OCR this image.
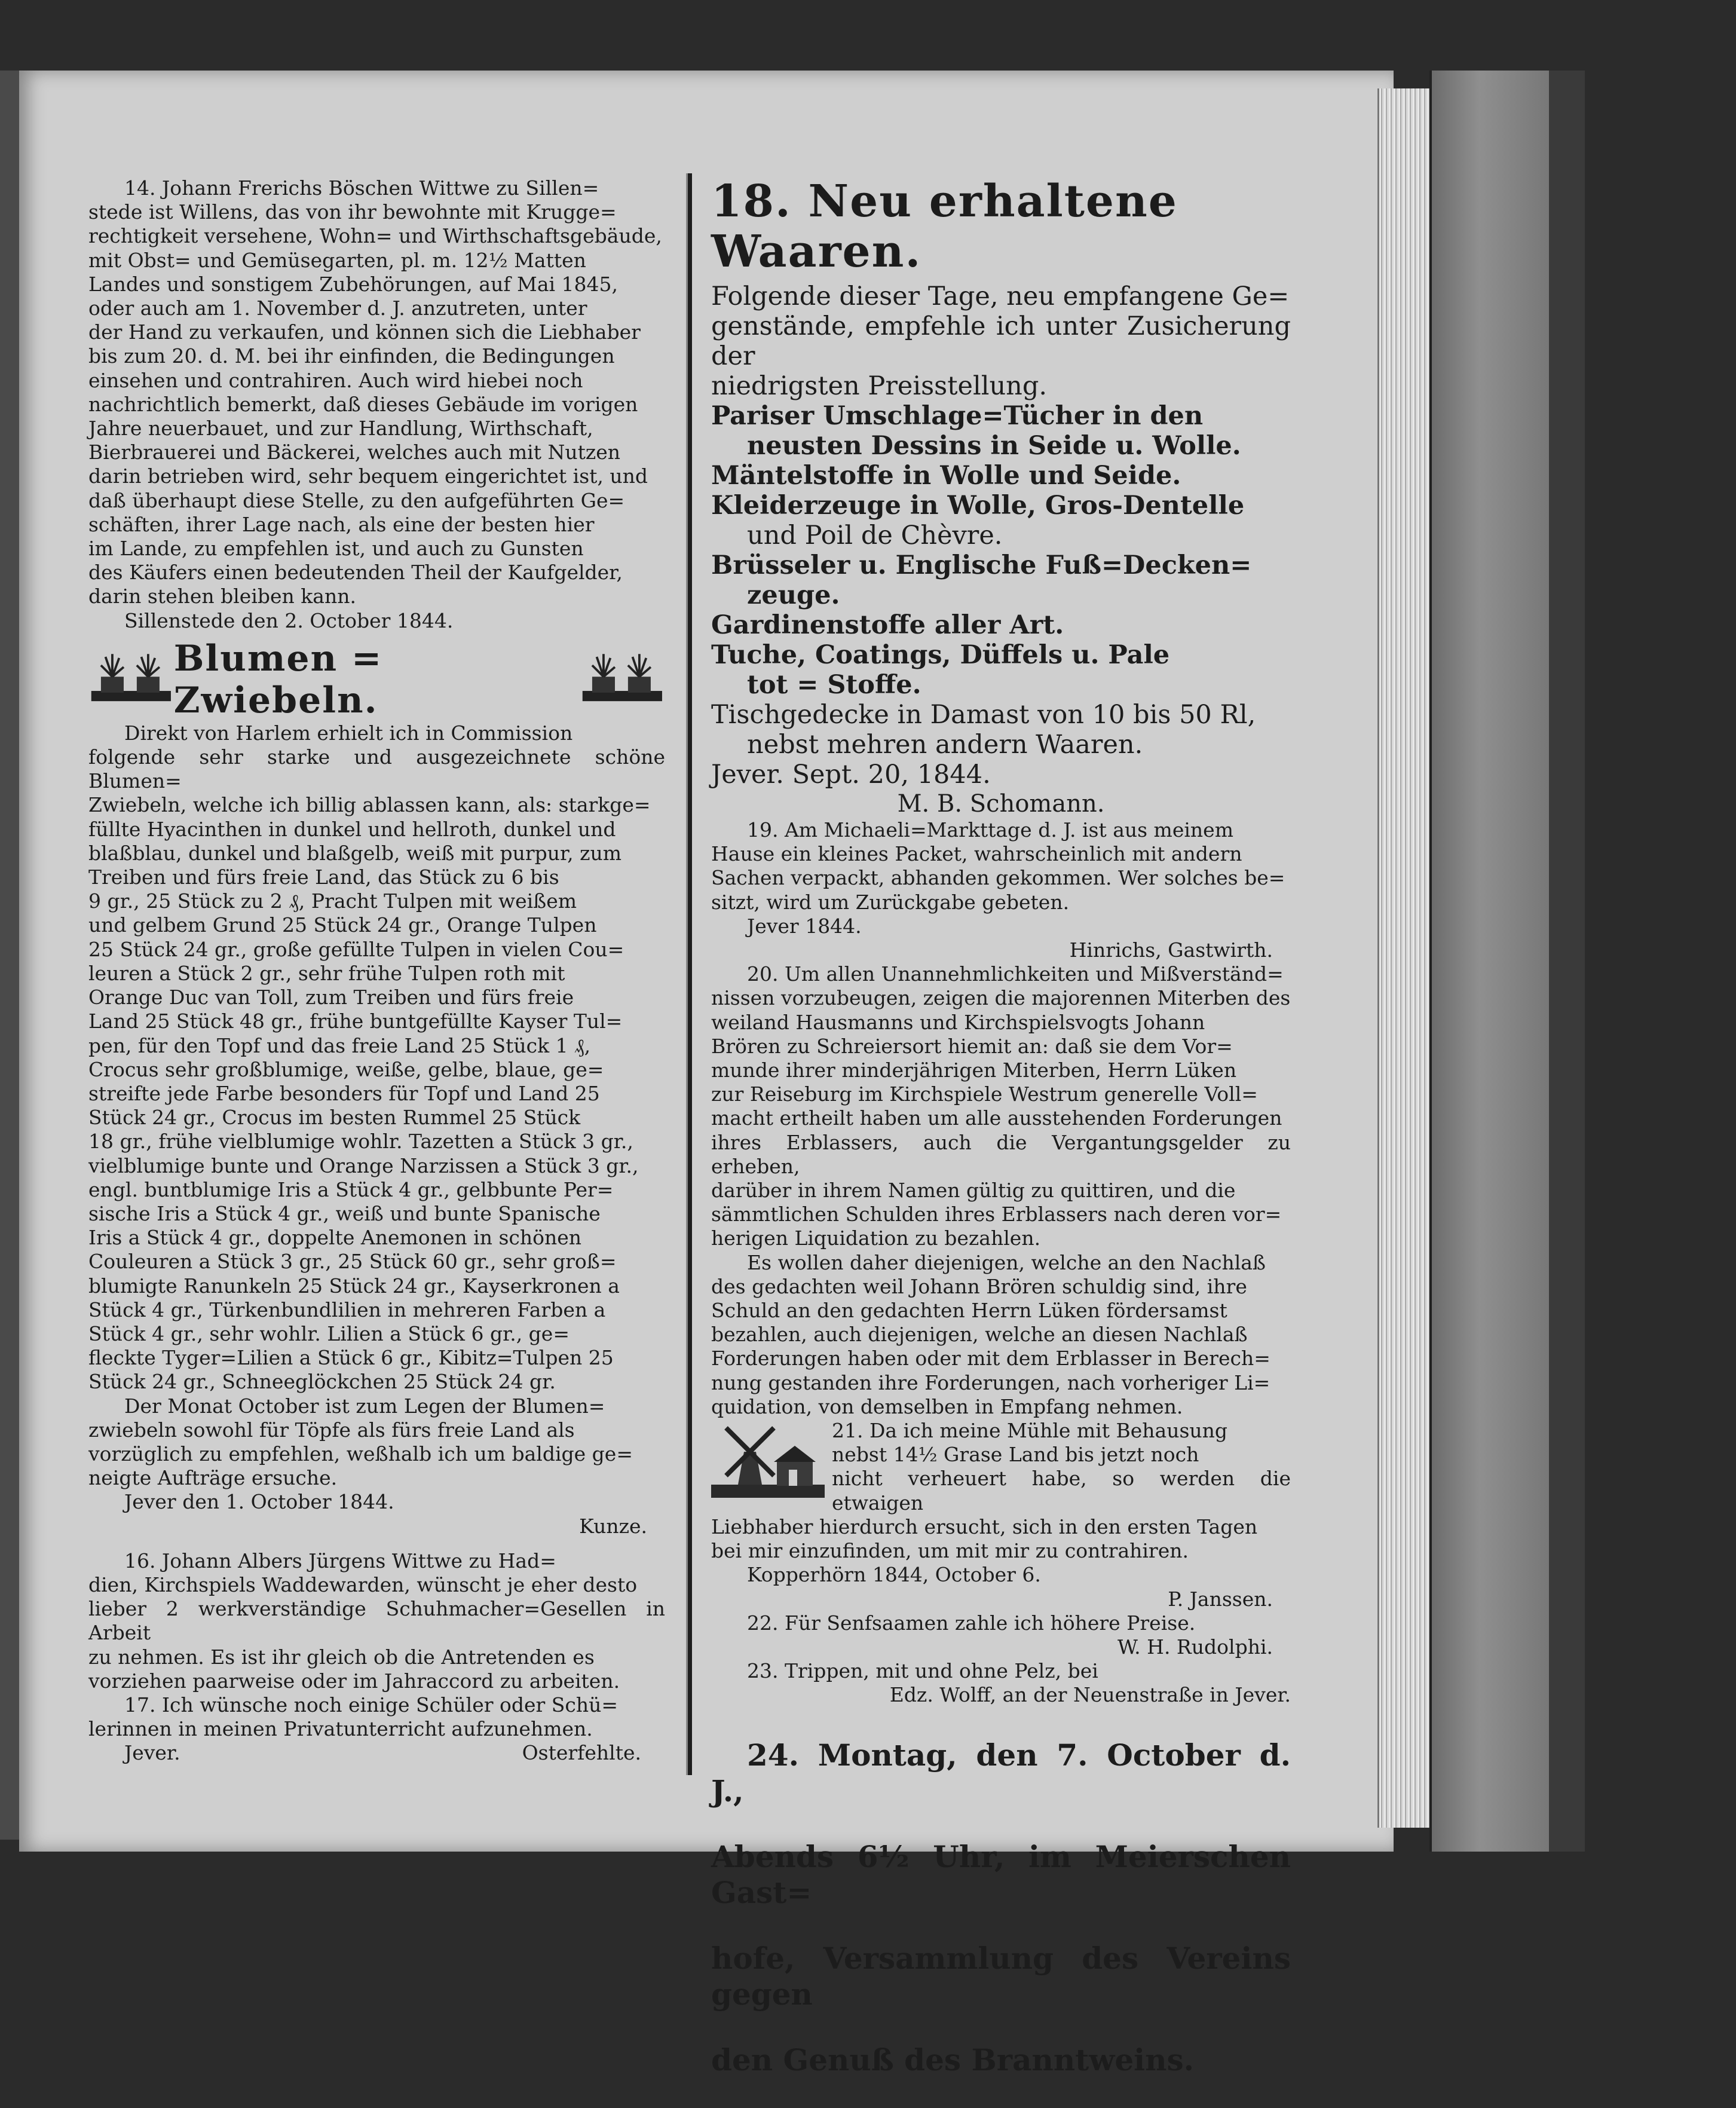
14. Johann Frerichs Böschen Wittwe zu Sillen=

stede ist Willens, das von ihr bewohnte mit Krugge=

rechtigkeit versehene, Wohn= und Wirthschaftsgebäude,

mit Obst= und Gemüsegarten, pl. m. 12½ Matten

Landes und sonstigem Zubehörungen, auf Mai 1845,

oder auch am 1. November d. J. anzutreten, unter

der Hand zu verkaufen, und können sich die Liebhaber

bis zum 20. d. M. bei ihr einfinden, die Bedingungen

einsehen und contrahiren. Auch wird hiebei noch

nachrichtlich bemerkt, daß dieses Gebäude im vorigen

Jahre neuerbauet, und zur Handlung, Wirthschaft,

Bierbrauerei und Bäckerei, welches auch mit Nutzen

darin betrieben wird, sehr bequem eingerichtet ist, und

daß überhaupt diese Stelle, zu den aufgeführten Ge=

schäften, ihrer Lage nach, als eine der besten hier

im Lande, zu empfehlen ist, und auch zu Gunsten

des Käufers einen bedeutenden Theil der Kaufgelder,

darin stehen bleiben kann.

Sillenstede den 2. October 1844.

Blumen = Zwiebeln.

Direkt von Harlem erhielt ich in Commission

folgende sehr starke und ausgezeichnete schöne Blumen=

Zwiebeln, welche ich billig ablassen kann, als: starkge=

füllte Hyacinthen in dunkel und hellroth, dunkel und

blaßblau, dunkel und blaßgelb, weiß mit purpur, zum

Treiben und fürs freie Land, das Stück zu 6 bis

9 gr., 25 Stück zu 2 ₰, Pracht Tulpen mit weißem

und gelbem Grund 25 Stück 24 gr., Orange Tulpen

25 Stück 24 gr., große gefüllte Tulpen in vielen Cou=

leuren a Stück 2 gr., sehr frühe Tulpen roth mit

Orange Duc van Toll, zum Treiben und fürs freie

Land 25 Stück 48 gr., frühe buntgefüllte Kayser Tul=

pen, für den Topf und das freie Land 25 Stück 1 ₰,

Crocus sehr großblumige, weiße, gelbe, blaue, ge=

streifte jede Farbe besonders für Topf und Land 25

Stück 24 gr., Crocus im besten Rummel 25 Stück

18 gr., frühe vielblumige wohlr. Tazetten a Stück 3 gr.,

vielblumige bunte und Orange Narzissen a Stück 3 gr.,

engl. buntblumige Iris a Stück 4 gr., gelbbunte Per=

sische Iris a Stück 4 gr., weiß und bunte Spanische

Iris a Stück 4 gr., doppelte Anemonen in schönen

Couleuren a Stück 3 gr., 25 Stück 60 gr., sehr groß=

blumigte Ranunkeln 25 Stück 24 gr., Kayserkronen a

Stück 4 gr., Türkenbundlilien in mehreren Farben a

Stück 4 gr., sehr wohlr. Lilien a Stück 6 gr., ge=

fleckte Tyger=Lilien a Stück 6 gr., Kibitz=Tulpen 25

Stück 24 gr., Schneeglöckchen 25 Stück 24 gr.

Der Monat October ist zum Legen der Blumen=

zwiebeln sowohl für Töpfe als fürs freie Land als

vorzüglich zu empfehlen, weßhalb ich um baldige ge=

neigte Aufträge ersuche.

Jever den 1. October 1844.

Kunze.

16. Johann Albers Jürgens Wittwe zu Had=

dien, Kirchspiels Waddewarden, wünscht je eher desto

lieber 2 werkverständige Schuhmacher=Gesellen in Arbeit

zu nehmen. Es ist ihr gleich ob die Antretenden es

vorziehen paarweise oder im Jahraccord zu arbeiten.

17. Ich wünsche noch einige Schüler oder Schü=

lerinnen in meinen Privatunterricht aufzunehmen.

Jever.	Osterfehlte.
18. Neu erhaltene Waaren.

Folgende dieser Tage, neu empfangene Ge=

genstände, empfehle ich unter Zusicherung der

niedrigsten Preisstellung.

Pariser Umschlage=Tücher in den

neusten Dessins in Seide u. Wolle.

Mäntelstoffe in Wolle und Seide.

Kleiderzeuge in Wolle, Gros-Dentelle

und Poil de Chèvre.

Brüsseler u. Englische Fuß=Decken=

zeuge.

Gardinenstoffe aller Art.

Tuche, Coatings, Düffels u. Pale

tot = Stoffe.

Tischgedecke in Damast von 10 bis 50 Rl,

nebst mehren andern Waaren.

Jever. Sept. 20, 1844.

M. B. Schomann.

19. Am Michaeli=Markttage d. J. ist aus meinem

Hause ein kleines Packet, wahrscheinlich mit andern

Sachen verpackt, abhanden gekommen. Wer solches be=

sitzt, wird um Zurückgabe gebeten.

Jever 1844.

Hinrichs, Gastwirth.

20. Um allen Unannehmlichkeiten und Mißverständ=

nissen vorzubeugen, zeigen die majorennen Miterben des

weiland Hausmanns und Kirchspielsvogts Johann

Brören zu Schreiersort hiemit an: daß sie dem Vor=

munde ihrer minderjährigen Miterben, Herrn Lüken

zur Reiseburg im Kirchspiele Westrum generelle Voll=

macht ertheilt haben um alle ausstehenden Forderungen

ihres Erblassers, auch die Vergantungsgelder zu erheben,

darüber in ihrem Namen gültig zu quittiren, und die

sämmtlichen Schulden ihres Erblassers nach deren vor=

herigen Liquidation zu bezahlen.

Es wollen daher diejenigen, welche an den Nachlaß

des gedachten weil Johann Brören schuldig sind, ihre

Schuld an den gedachten Herrn Lüken fördersamst

bezahlen, auch diejenigen, welche an diesen Nachlaß

Forderungen haben oder mit dem Erblasser in Berech=

nung gestanden ihre Forderungen, nach vorheriger Li=

quidation, von demselben in Empfang nehmen.

21. Da ich meine Mühle mit Behausung

nebst 14½ Grase Land bis jetzt noch

nicht verheuert habe, so werden die etwaigen

Liebhaber hierdurch ersucht, sich in den ersten Tagen

bei mir einzufinden, um mit mir zu contrahiren.

Kopperhörn 1844, October 6.

P. Janssen.

22. Für Senfsaamen zahle ich höhere Preise.

W. H. Rudolphi.

23. Trippen, mit und ohne Pelz, bei

Edz. Wolff, an der Neuenstraße in Jever.

24. Montag, den 7. October d. J.,

Abends 6½ Uhr, im Meierschen Gast=

hofe, Versammlung des Vereins gegen

den Genuß des Branntweins.
